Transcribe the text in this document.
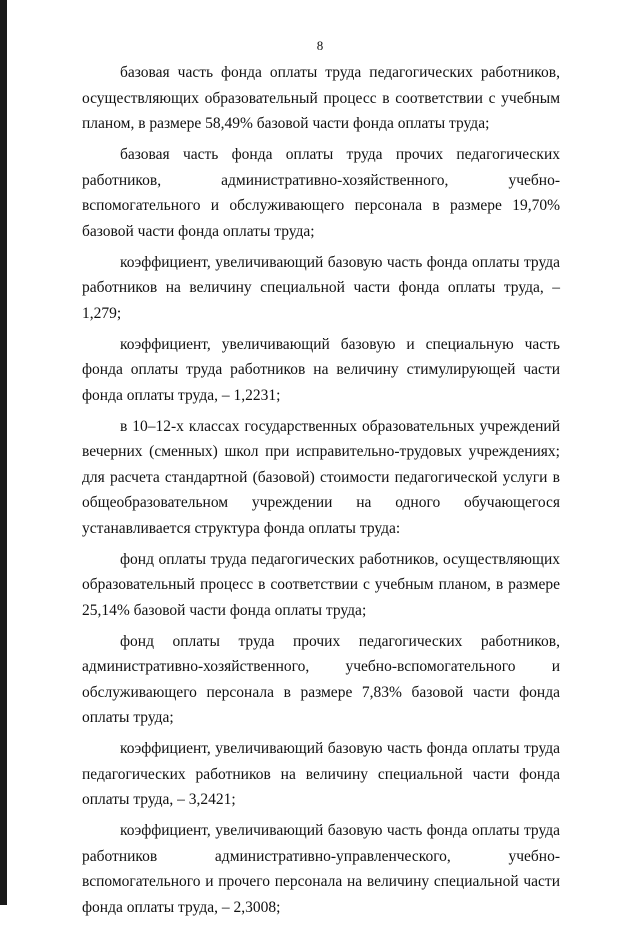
8

базовая часть фонда оплаты труда педагогических работников, осуществляющих образовательный процесс в соответствии с учебным планом, в размере 58,49% базовой части фонда оплаты труда;

базовая часть фонда оплаты труда прочих педагогических работников, административно-хозяйственного, учебно-вспомогательного и обслуживающего персонала в размере 19,70% базовой части фонда оплаты труда;

коэффициент, увеличивающий базовую часть фонда оплаты труда работников на величину специальной части фонда оплаты труда, – 1,279;

коэффициент, увеличивающий базовую и специальную часть фонда оплаты труда работников на величину стимулирующей части фонда оплаты труда, – 1,2231;

в 10–12-х классах государственных образовательных учреждений вечерних (сменных) школ при исправительно-трудовых учреждениях; для расчета стандартной (базовой) стоимости педагогической услуги в общеобразовательном учреждении на одного обучающегося устанавливается структура фонда оплаты труда:

фонд оплаты труда педагогических работников, осуществляющих образовательный процесс в соответствии с учебным планом, в размере 25,14% базовой части фонда оплаты труда;

фонд оплаты труда прочих педагогических работников, административно-хозяйственного, учебно-вспомогательного и обслуживающего персонала в размере 7,83% базовой части фонда оплаты труда;

коэффициент, увеличивающий базовую часть фонда оплаты труда педагогических работников на величину специальной части фонда оплаты труда, – 3,2421;

коэффициент, увеличивающий базовую часть фонда оплаты труда работников административно-управленческого, учебно-вспомогательного и прочего персонала на величину специальной части фонда оплаты труда, – 2,3008;
